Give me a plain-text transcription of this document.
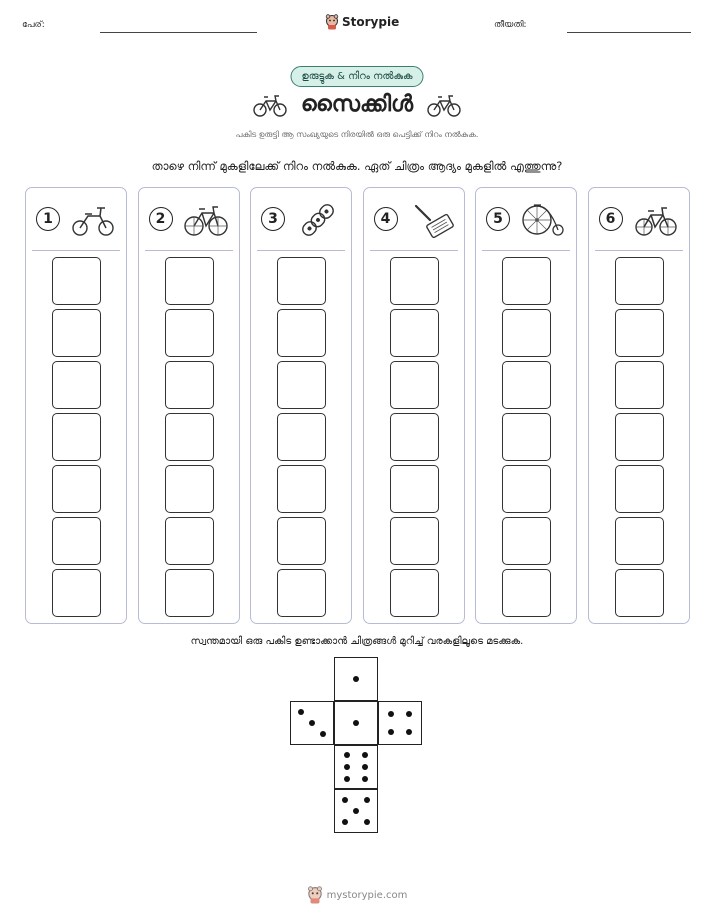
പേര്:	Storypie	തീയതി:
ഉരുട്ടുക & നിറം നൽകുക
സൈക്കിൾ
പകിട ഉരുട്ടി ആ സംഖ്യയുടെ നിരയിൽ ഒരു പെട്ടിക്ക് നിറം നൽകുക.
താഴെ നിന്ന് മുകളിലേക്ക് നിറം നൽകുക. ഏത് ചിത്രം ആദ്യം മുകളിൽ എത്തുന്നു?
1	2	3	4	5	6
സ്വന്തമായി ഒരു പകിട ഉണ്ടാക്കാൻ ചിത്രങ്ങൾ മുറിച്ച് വരകളിലൂടെ മടക്കുക.
mystorypie.com
